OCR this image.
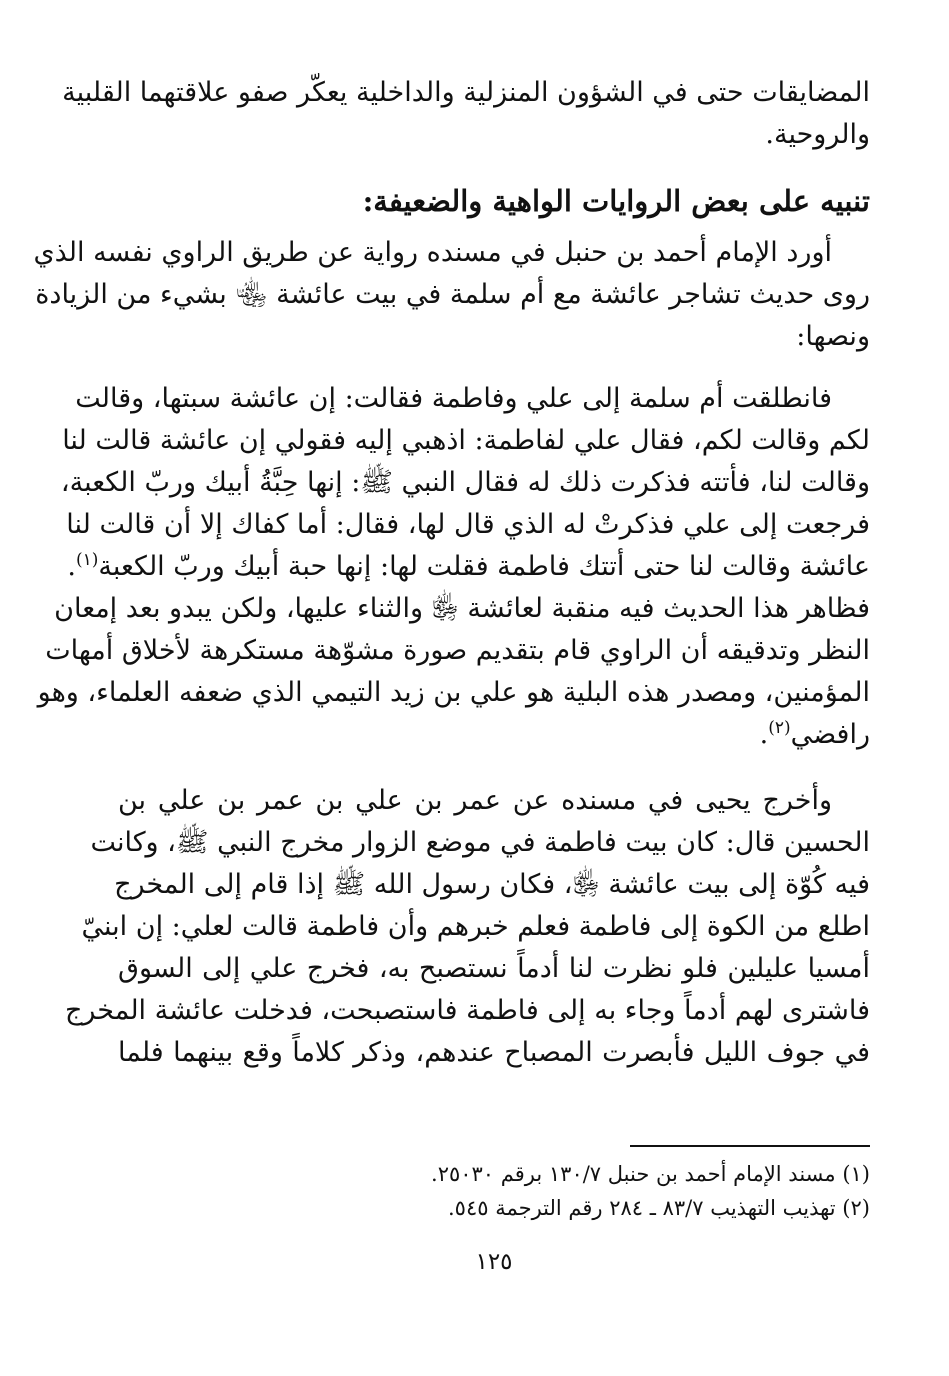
المضايقات حتى في الشؤون المنزلية والداخلية يعكّر صفو علاقتهما القلبية
والروحية.
تنبيه على بعض الروايات الواهية والضعيفة:
أورد الإمام أحمد بن حنبل في مسنده رواية عن طريق الراوي نفسه الذي
روى حديث تشاجر عائشة مع أم سلمة في بيت عائشة ﵄ بشيء من الزيادة
ونصها:
فانطلقت أم سلمة إلى علي وفاطمة فقالت: إن عائشة سبتها، وقالت
لكم وقالت لكم، فقال علي لفاطمة: اذهبي إليه فقولي إن عائشة قالت لنا
وقالت لنا، فأتته فذكرت ذلك له فقال النبي ﷺ: إنها حِبَّةُ أبيك وربّ الكعبة،
فرجعت إلى علي فذكرتْ له الذي قال لها، فقال: أما كفاك إلا أن قالت لنا
عائشة وقالت لنا حتى أتتك فاطمة فقلت لها: إنها حبة أبيك وربّ الكعبة$^{(١)}$.
فظاهر هذا الحديث فيه منقبة لعائشة ﵂ والثناء عليها، ولكن يبدو بعد إمعان
النظر وتدقيقه أن الراوي قام بتقديم صورة مشوّهة مستكرهة لأخلاق أمهات
المؤمنين، ومصدر هذه البلية هو علي بن زيد التيمي الذي ضعفه العلماء، وهو
رافضي$^{(٢)}$.
وأخرج يحيى في مسنده عن عمر بن علي بن عمر بن علي بن
الحسين قال: كان بيت فاطمة في موضع الزوار مخرج النبي ﷺ، وكانت
فيه كُوّة إلى بيت عائشة ﵂، فكان رسول الله ﷺ إذا قام إلى المخرج
اطلع من الكوة إلى فاطمة فعلم خبرهم وأن فاطمة قالت لعلي: إن ابنيّ
أمسيا عليلين فلو نظرت لنا أدماً نستصبح به، فخرج علي إلى السوق
فاشترى لهم أدماً وجاء به إلى فاطمة فاستصبحت، فدخلت عائشة المخرج
في جوف الليل فأبصرت المصباح عندهم، وذكر كلاماً وقع بينهما فلما
(١) مسند الإمام أحمد بن حنبل ١٣٠/٧ برقم ٢٥٠٣٠.
(٢) تهذيب التهذيب ٨٣/٧ ـ ٢٨٤ رقم الترجمة ٥٤٥.
١٢٥
